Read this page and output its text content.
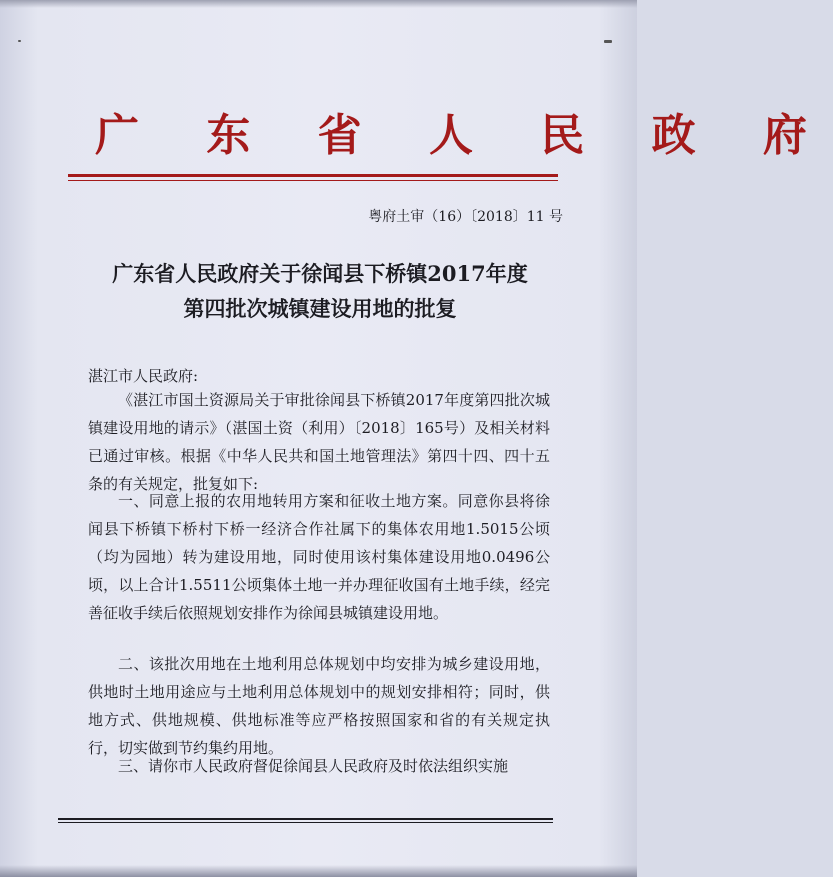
广 东 省 人 民 政 府
粤府土审（16）〔2018〕11 号
广东省人民政府关于徐闻县下桥镇2017年度
第四批次城镇建设用地的批复
湛江市人民政府:

《湛江市国土资源局关于审批徐闻县下桥镇2017年度第四批次城镇建设用地的请示》（湛国土资（利用）〔2018〕165号）及相关材料已通过审核。根据《中华人民共和国土地管理法》第四十四、四十五条的有关规定，批复如下:

一、同意上报的农用地转用方案和征收土地方案。同意你县将徐闻县下桥镇下桥村下桥一经济合作社属下的集体农用地1.5015公顷（均为园地）转为建设用地，同时使用该村集体建设用地0.0496公顷，以上合计1.5511公顷集体土地一并办理征收国有土地手续，经完善征收手续后依照规划安排作为徐闻县城镇建设用地。

二、该批次用地在土地利用总体规划中均安排为城乡建设用地，供地时土地用途应与土地利用总体规划中的规划安排相符；同时，供地方式、供地规模、供地标准等应严格按照国家和省的有关规定执行，切实做到节约集约用地。

三、请你市人民政府督促徐闻县人民政府及时依法组织实施
